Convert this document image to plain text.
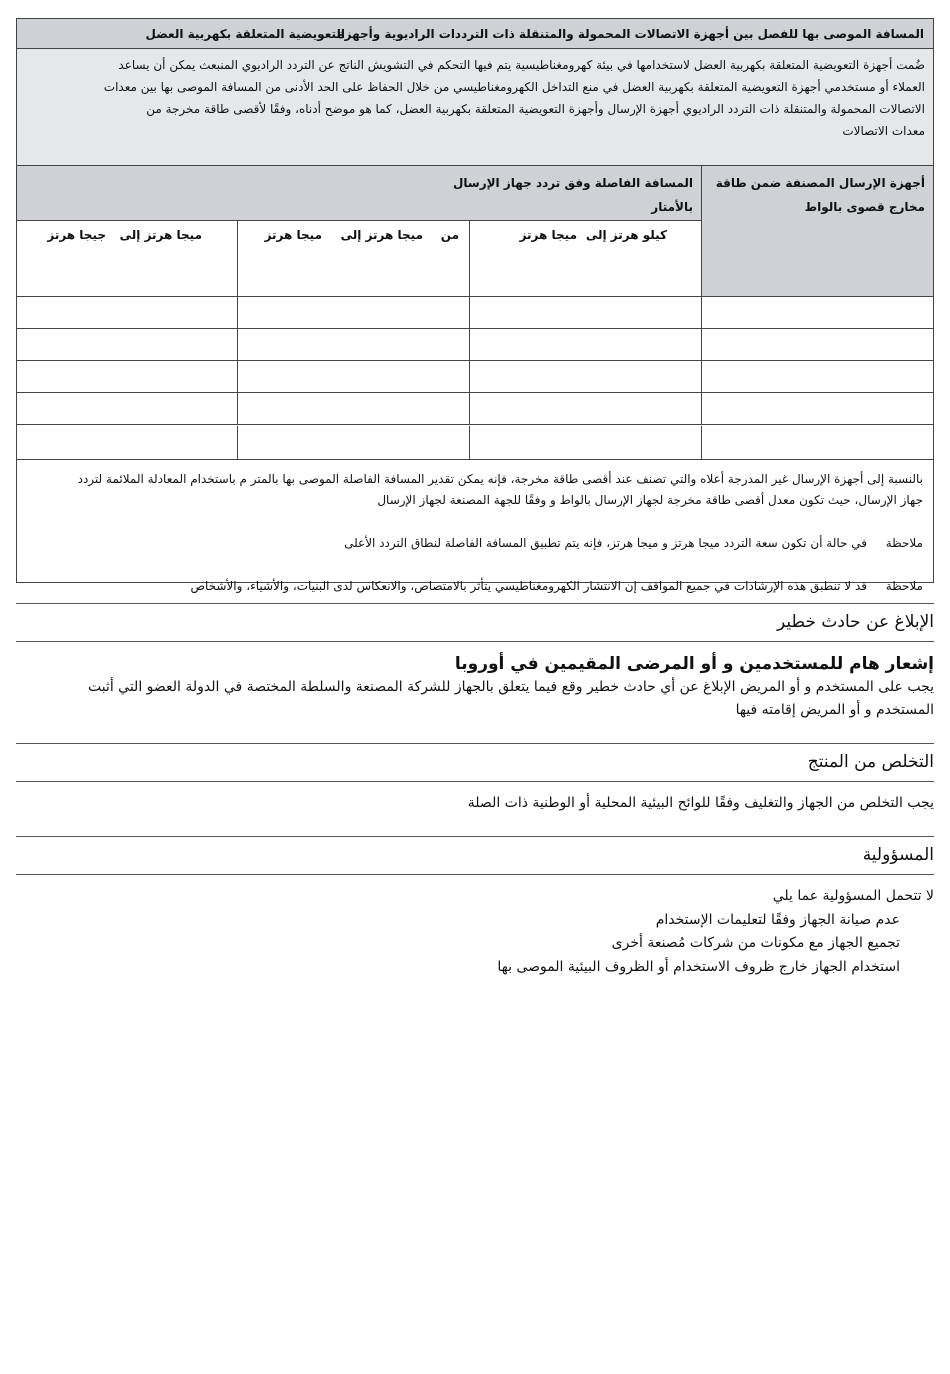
المسافة الموصى بها للفصل بين أجهزة الاتصالات المحمولة والمتنقلة ذات الترددات الراديوية وأجهزة
التعويضية المتعلقة بكهربية العضل
ضُمت أجهزة التعويضية المتعلقة بكهربية العضل لاستخدامها في بيئة كهرومغناطيسية يتم فيها التحكم في التشويش الناتج عن التردد الراديوي المنبعث يمكن أن يساعد
العملاء أو مستخدمي أجهزة التعويضية المتعلقة بكهربية العضل في منع التداخل الكهرومغناطيسي من خلال الحفاظ على الحد الأدنى من المسافة الموصى بها بين معدات
الاتصالات المحمولة والمتنقلة ذات التردد الراديوي أجهزة الإرسال وأجهزة التعويضية المتعلقة بكهربية العضل، كما هو موضح أدناه، وفقًا لأقصى طاقة مخرجة من
معدات الاتصالات
أجهزة الإرسال المصنفة ضمن طاقة
مخارج قصوى بالواط
المسافة الفاصلة وفق تردد جهاز الإرسال
بالأمتار
كيلو هرتز إلى
ميجا هرتز
من
ميجا هرتز إلى
ميجا هرتز
ميجا هرتز إلى
جيجا هرتز
بالنسبة إلى أجهزة الإرسال غير المدرجة أعلاه والتي تصنف عند أقصى طاقة مخرجة، فإنه يمكن تقدير المسافة الفاصلة الموصى بها بالمتر م باستخدام المعادلة الملائمة لتردد
جهاز الإرسال، حيث تكون معدل أقصى طاقة مخرجة لجهاز الإرسال بالواط و وفقًا للجهة المصنعة لجهاز الإرسال
ملاحظة
في حالة أن تكون سعة التردد ميجا هرتز و ميجا هرتز، فإنه يتم تطبيق المسافة الفاصلة لنطاق التردد الأعلى
ملاحظة
قد لا تنطبق هذه الإرشادات في جميع المواقف إن الانتشار الكهرومغناطيسي يتأثر بالامتصاص، والانعكاس لدى البنيات، والأشياء، والأشخاص
الإبلاغ عن حادث خطير
إشعار هام للمستخدمين و أو المرضى المقيمين في أوروبا
يجب على المستخدم و أو المريض الإبلاغ عن أي حادث خطير وقع فيما يتعلق بالجهاز للشركة المصنعة والسلطة المختصة في الدولة العضو التي أثبت
المستخدم و أو المريض إقامته فيها
التخلص من المنتج
يجب التخلص من الجهاز والتغليف وفقًا للوائح البيئية المحلية أو الوطنية ذات الصلة
المسؤولية
لا تتحمل المسؤولية عما يلي
عدم صيانة الجهاز وفقًا لتعليمات الإستخدام
تجميع الجهاز مع مكونات من شركات مُصنعة أخرى
استخدام الجهاز خارج ظروف الاستخدام أو الظروف البيئية الموصى بها
